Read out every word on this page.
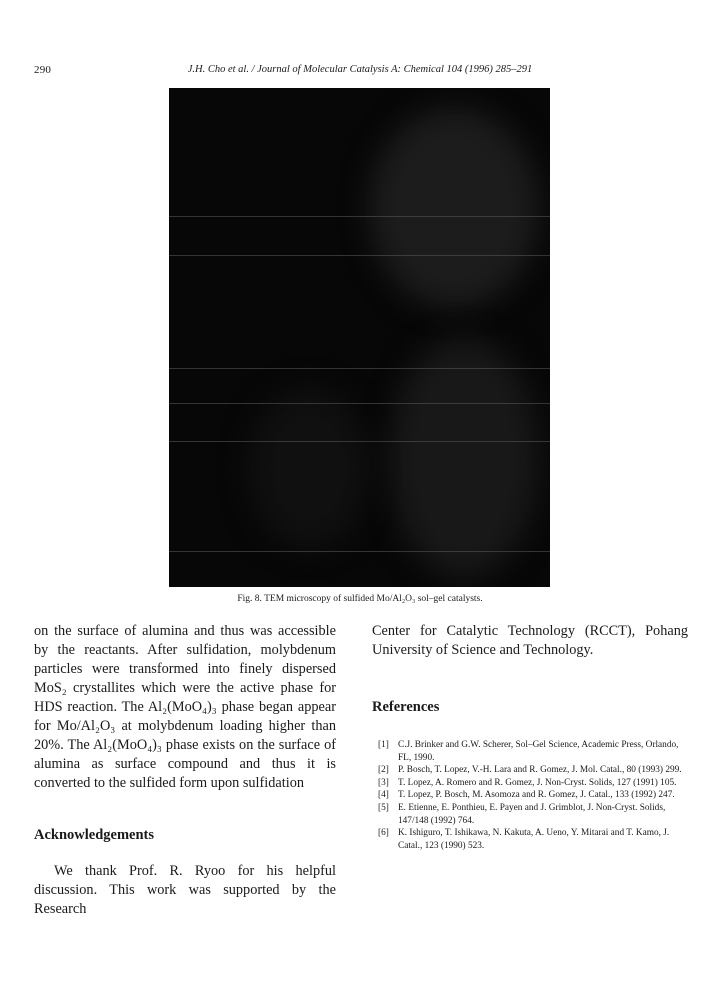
290	J.H. Cho et al. / Journal of Molecular Catalysis A: Chemical 104 (1996) 285–291
Fig. 8. TEM microscopy of sulfided Mo/Al₂O₃ sol–gel catalysts.

on the surface of alumina and thus was accessible by the reactants. After sulfidation, molybdenum particles were transformed into finely dispersed MoS₂ crystallites which were the active phase for HDS reaction. The Al₂(MoO₄)₃ phase began appear for Mo/Al₂O₃ at molybdenum loading higher than 20%. The Al₂(MoO₄)₃ phase exists on the surface of alumina as surface compound and thus it is converted to the sulfided form upon sulfidation

Acknowledgements

We thank Prof. R. Ryoo for his helpful discussion. This work was supported by the Research

Center for Catalytic Technology (RCCT), Pohang University of Science and Technology.

References
[1] C.J. Brinker and G.W. Scherer, Sol–Gel Science, Academic Press, Orlando, FL, 1990.
[2] P. Bosch, T. Lopez, V.-H. Lara and R. Gomez, J. Mol. Catal., 80 (1993) 299.
[3] T. Lopez, A. Romero and R. Gomez, J. Non-Cryst. Solids, 127 (1991) 105.
[4] T. Lopez, P. Bosch, M. Asomoza and R. Gomez, J. Catal., 133 (1992) 247.
[5] E. Etienne, E. Ponthieu, E. Payen and J. Grimblot, J. Non-Cryst. Solids, 147/148 (1992) 764.
[6] K. Ishiguro, T. Ishikawa, N. Kakuta, A. Ueno, Y. Mitarai and T. Kamo, J. Catal., 123 (1990) 523.
